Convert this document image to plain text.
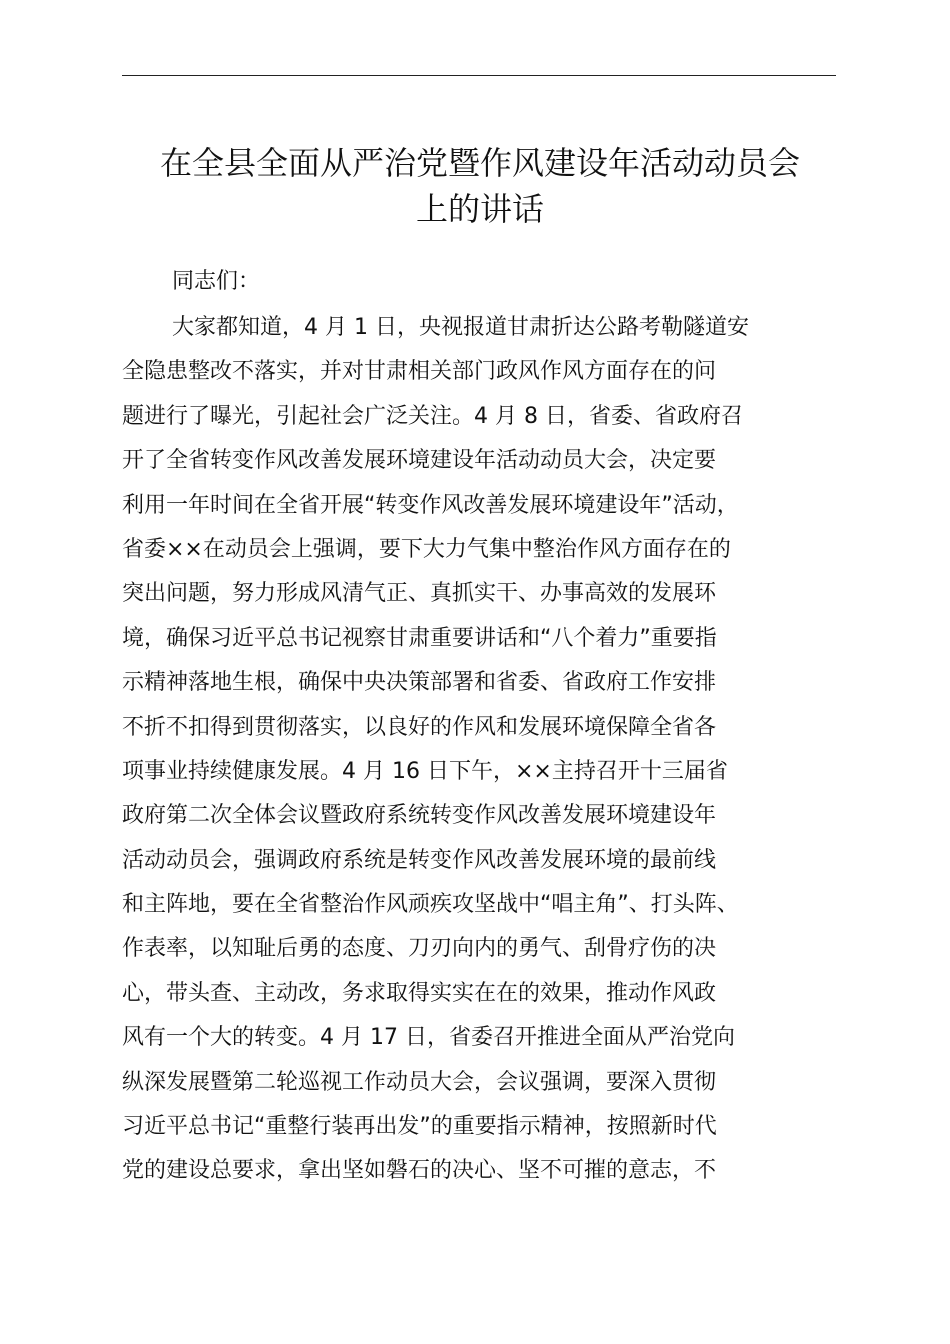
在全县全面从严治党暨作风建设年活动动员会
上的讲话

同志们：

大家都知道，4 月 1 日，央视报道甘肃折达公路考勒隧道安
全隐患整改不落实，并对甘肃相关部门政风作风方面存在的问
题进行了曝光，引起社会广泛关注。4 月 8 日，省委、省政府召
开了全省转变作风改善发展环境建设年活动动员大会，决定要
利用一年时间在全省开展“转变作风改善发展环境建设年”活动，
省委××在动员会上强调，要下大力气集中整治作风方面存在的
突出问题，努力形成风清气正、真抓实干、办事高效的发展环
境，确保习近平总书记视察甘肃重要讲话和“八个着力”重要指
示精神落地生根，确保中央决策部署和省委、省政府工作安排
不折不扣得到贯彻落实，以良好的作风和发展环境保障全省各
项事业持续健康发展。4 月 16 日下午，××主持召开十三届省
政府第二次全体会议暨政府系统转变作风改善发展环境建设年
活动动员会，强调政府系统是转变作风改善发展环境的最前线
和主阵地，要在全省整治作风顽疾攻坚战中“唱主角”、打头阵、
作表率，以知耻后勇的态度、刀刃向内的勇气、刮骨疗伤的决
心，带头查、主动改，务求取得实实在在的效果，推动作风政
风有一个大的转变。4 月 17 日，省委召开推进全面从严治党向
纵深发展暨第二轮巡视工作动员大会，会议强调，要深入贯彻
习近平总书记“重整行装再出发”的重要指示精神，按照新时代
党的建设总要求，拿出坚如磐石的决心、坚不可摧的意志，不
